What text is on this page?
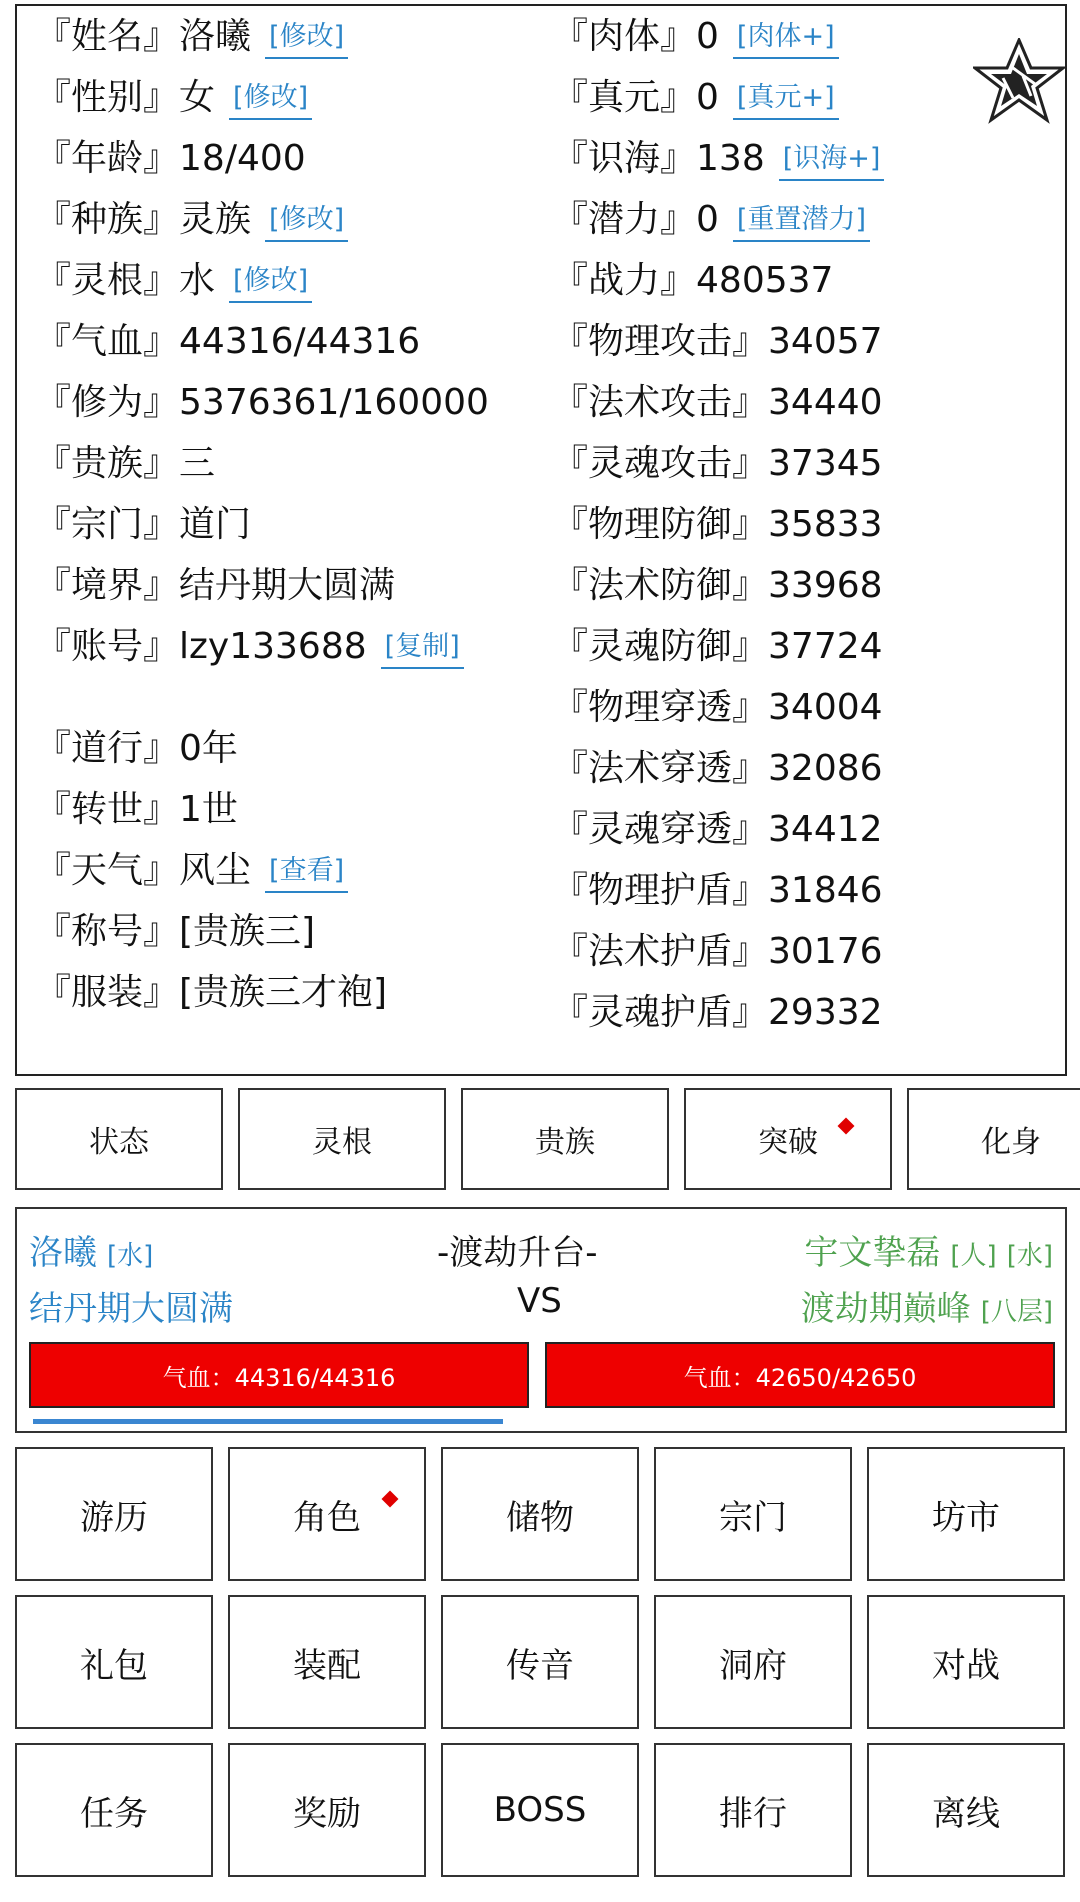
『姓名』洛曦 [修改]
『性别』女 [修改]
『年龄』18/400
『种族』灵族 [修改]
『灵根』水 [修改]
『气血』44316/44316
『修为』5376361/160000
『贵族』三
『宗门』道门
『境界』结丹期大圆满
『账号』lzy133688 [复制]
『道行』0年
『转世』1世
『天气』风尘 [查看]
『称号』[贵族三]
『服装』[贵族三才袍]
『肉体』0 [肉体+]
『真元』0 [真元+]
『识海』138 [识海+]
『潜力』0 [重置潜力]
『战力』480537
『物理攻击』34057
『法术攻击』34440
『灵魂攻击』37345
『物理防御』35833
『法术防御』33968
『灵魂防御』37724
『物理穿透』34004
『法术穿透』32086
『灵魂穿透』34412
『物理护盾』31846
『法术护盾』30176
『灵魂护盾』29332
状态	灵根	贵族	突破	化身
洛曦 [水]	-渡劫升台-	宇文挚磊 [人] [水]
结丹期大圆满	VS	渡劫期巅峰 [八层]
气血：44316/44316	气血：42650/42650
游历	角色	储物	宗门	坊市
礼包	装配	传音	洞府	对战
任务	奖励	BOSS	排行	离线
